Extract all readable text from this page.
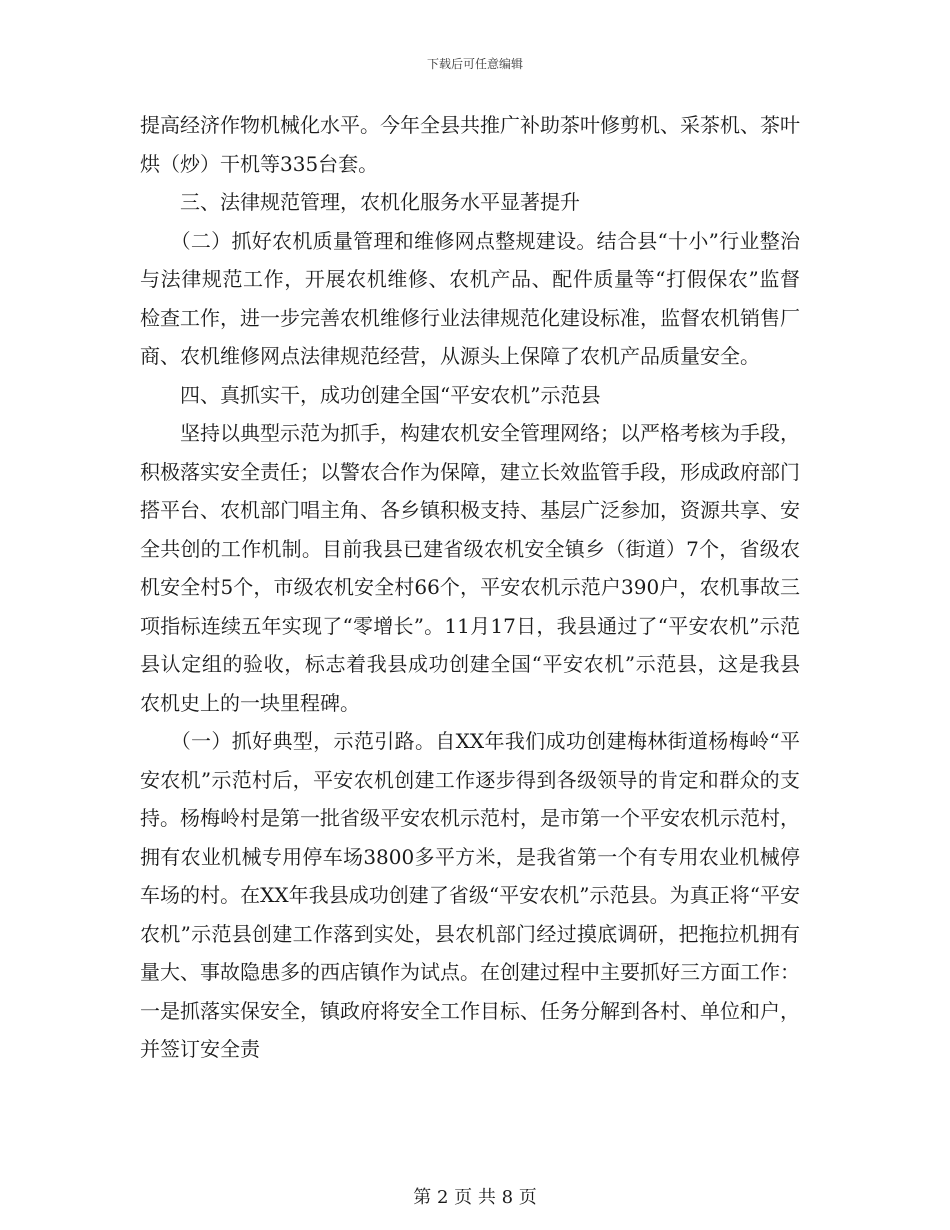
下载后可任意编辑

提高经济作物机械化水平。今年全县共推广补助茶叶修剪机、采茶机、茶叶烘（炒）干机等335台套。

　　三、法律规范管理，农机化服务水平显著提升

　　（二）抓好农机质量管理和维修网点整规建设。结合县“十小”行业整治与法律规范工作，开展农机维修、农机产品、配件质量等“打假保农”监督检查工作，进一步完善农机维修行业法律规范化建设标准，监督农机销售厂商、农机维修网点法律规范经营，从源头上保障了农机产品质量安全。

　　四、真抓实干，成功创建全国“平安农机”示范县

　　坚持以典型示范为抓手，构建农机安全管理网络；以严格考核为手段，积极落实安全责任；以警农合作为保障，建立长效监管手段，形成政府部门搭平台、农机部门唱主角、各乡镇积极支持、基层广泛参加，资源共享、安全共创的工作机制。目前我县已建省级农机安全镇乡（街道）7个，省级农机安全村5个，市级农机安全村66个，平安农机示范户390户，农机事故三项指标连续五年实现了“零增长”。11月17日，我县通过了“平安农机”示范县认定组的验收，标志着我县成功创建全国“平安农机”示范县，这是我县农机史上的一块里程碑。

　　（一）抓好典型，示范引路。自XX年我们成功创建梅林街道杨梅岭“平安农机”示范村后，平安农机创建工作逐步得到各级领导的肯定和群众的支持。杨梅岭村是第一批省级平安农机示范村，是市第一个平安农机示范村，拥有农业机械专用停车场3800多平方米，是我省第一个有专用农业机械停车场的村。在XX年我县成功创建了省级“平安农机”示范县。为真正将“平安农机”示范县创建工作落到实处，县农机部门经过摸底调研，把拖拉机拥有量大、事故隐患多的西店镇作为试点。在创建过程中主要抓好三方面工作：一是抓落实保安全，镇政府将安全工作目标、任务分解到各村、单位和户，并签订安全责

第 2 页 共 8 页
